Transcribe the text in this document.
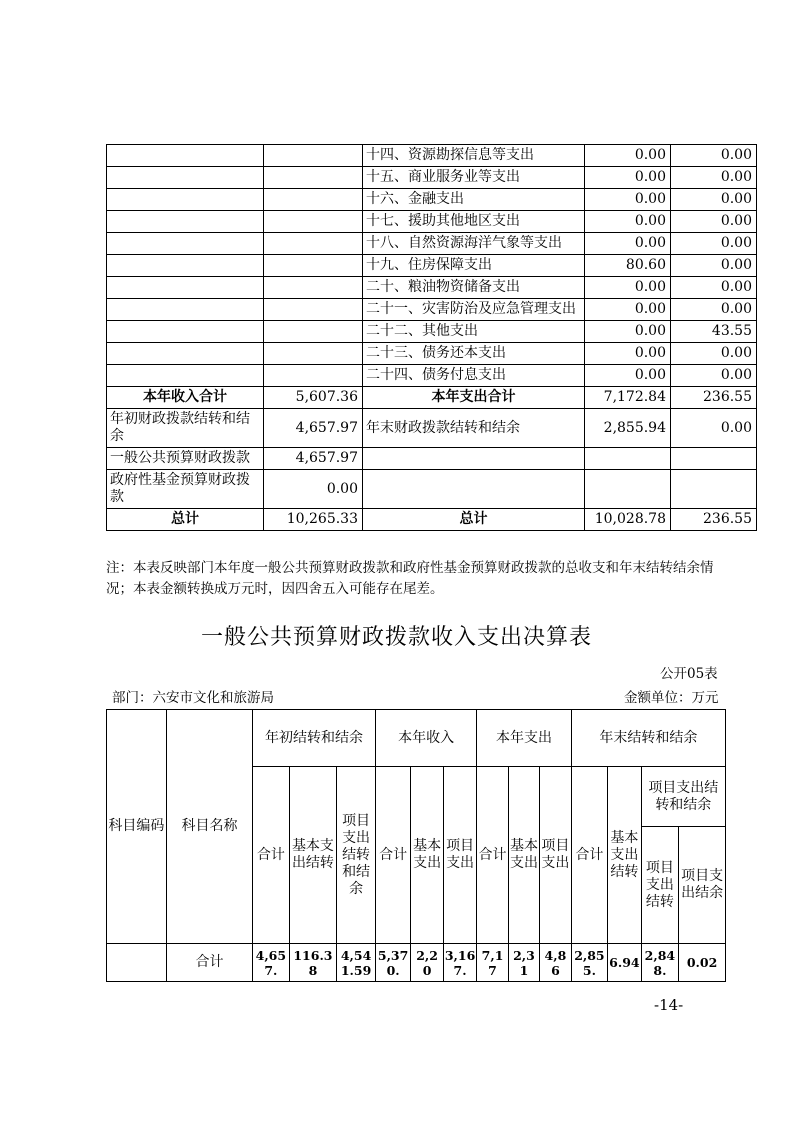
		十四、资源勘探信息等支出	0.00	0.00
		十五、商业服务业等支出	0.00	0.00
		十六、金融支出	0.00	0.00
		十七、援助其他地区支出	0.00	0.00
		十八、自然资源海洋气象等支出	0.00	0.00
		十九、住房保障支出	80.60	0.00
		二十、粮油物资储备支出	0.00	0.00
		二十一、灾害防治及应急管理支出	0.00	0.00
		二十二、其他支出	0.00	43.55
		二十三、债务还本支出	0.00	0.00
		二十四、债务付息支出	0.00	0.00
本年收入合计	5,607.36	本年支出合计	7,172.84	236.55
年初财政拨款结转和结余	4,657.97	年末财政拨款结转和结余	2,855.94	0.00
一般公共预算财政拨款	4,657.97			
政府性基金预算财政拨款	0.00			
总计	10,265.33	总计	10,028.78	236.55
注：本表反映部门本年度一般公共预算财政拨款和政府性基金预算财政拨款的总收支和年末结转结余情况；本表金额转换成万元时，因四舍五入可能存在尾差。
一般公共预算财政拨款收入支出决算表
公开05表
部门：六安市文化和旅游局	金额单位：万元
科目编码	科目名称	年初结转和结余			本年收入			本年支出			年末结转和结余			
		合计	基本支出结转	项目支出结转和结余	合计	基本支出	项目支出	合计	基本支出	项目支出	合计	基本支出结转	项目支出结转和结余	
													项目支出结转	项目支出结余
	合计	4,657.	116.38	4,541.59	5,370.	2,20	3,167.	7,17	2,31	4,86	2,855.	6.94	2,848.	0.02
-14-
